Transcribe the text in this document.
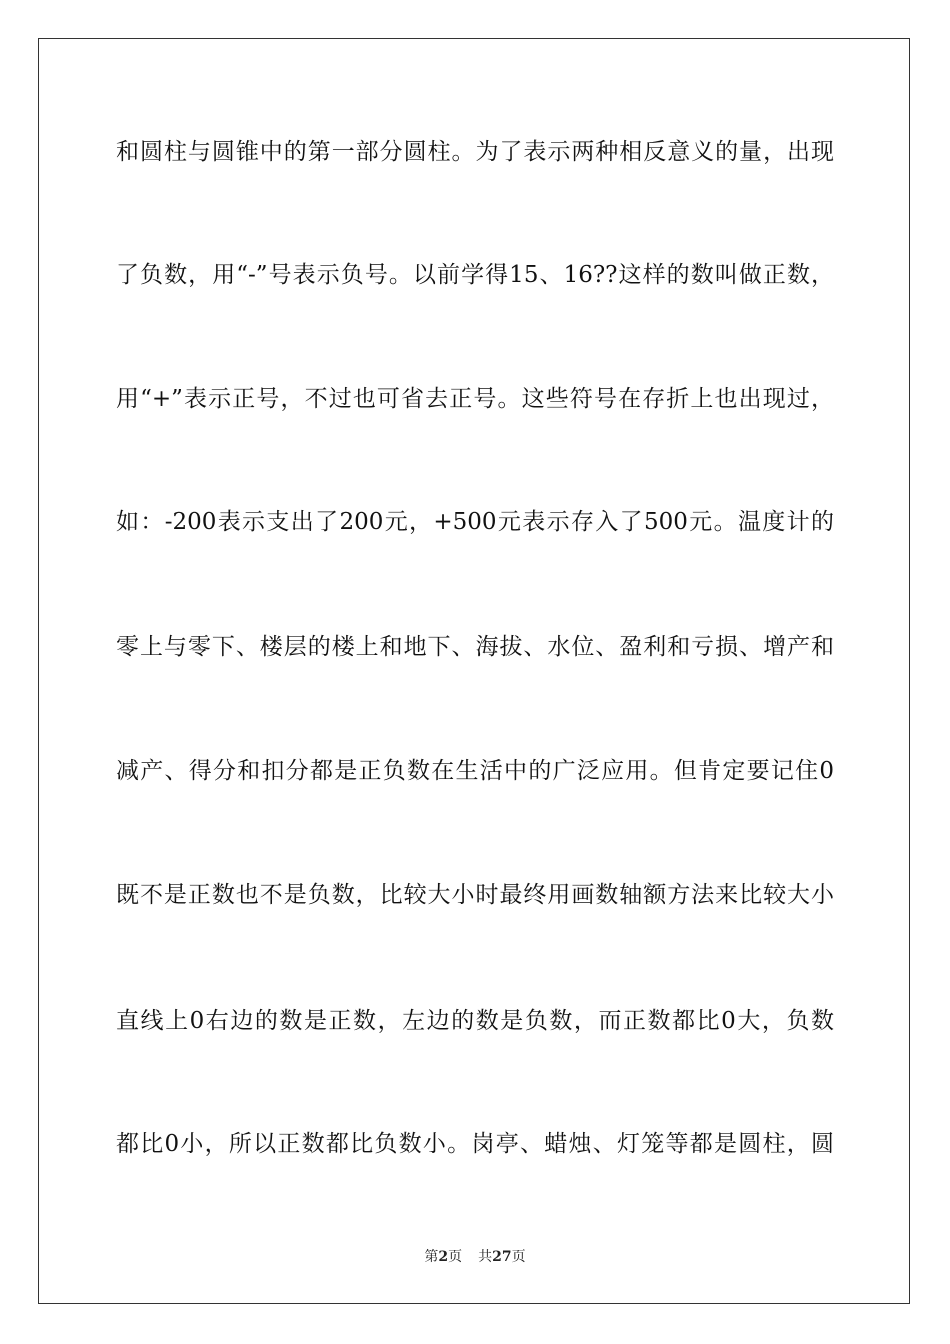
和圆柱与圆锥中的第一部分圆柱。为了表示两种相反意义的量，出现
了负数，用“-”号表示负号。以前学得15、16??这样的数叫做正数，
用“+”表示正号，不过也可省去正号。这些符号在存折上也出现过，
如：-200表示支出了200元，+500元表示存入了500元。温度计的
零上与零下、楼层的楼上和地下、海拔、水位、盈利和亏损、增产和
减产、得分和扣分都是正负数在生活中的广泛应用。但肯定要记住0
既不是正数也不是负数，比较大小时最终用画数轴额方法来比较大小
直线上0右边的数是正数，左边的数是负数，而正数都比0大，负数
都比0小，所以正数都比负数小。岗亭、蜡烛、灯笼等都是圆柱，圆
第2页 共27页
